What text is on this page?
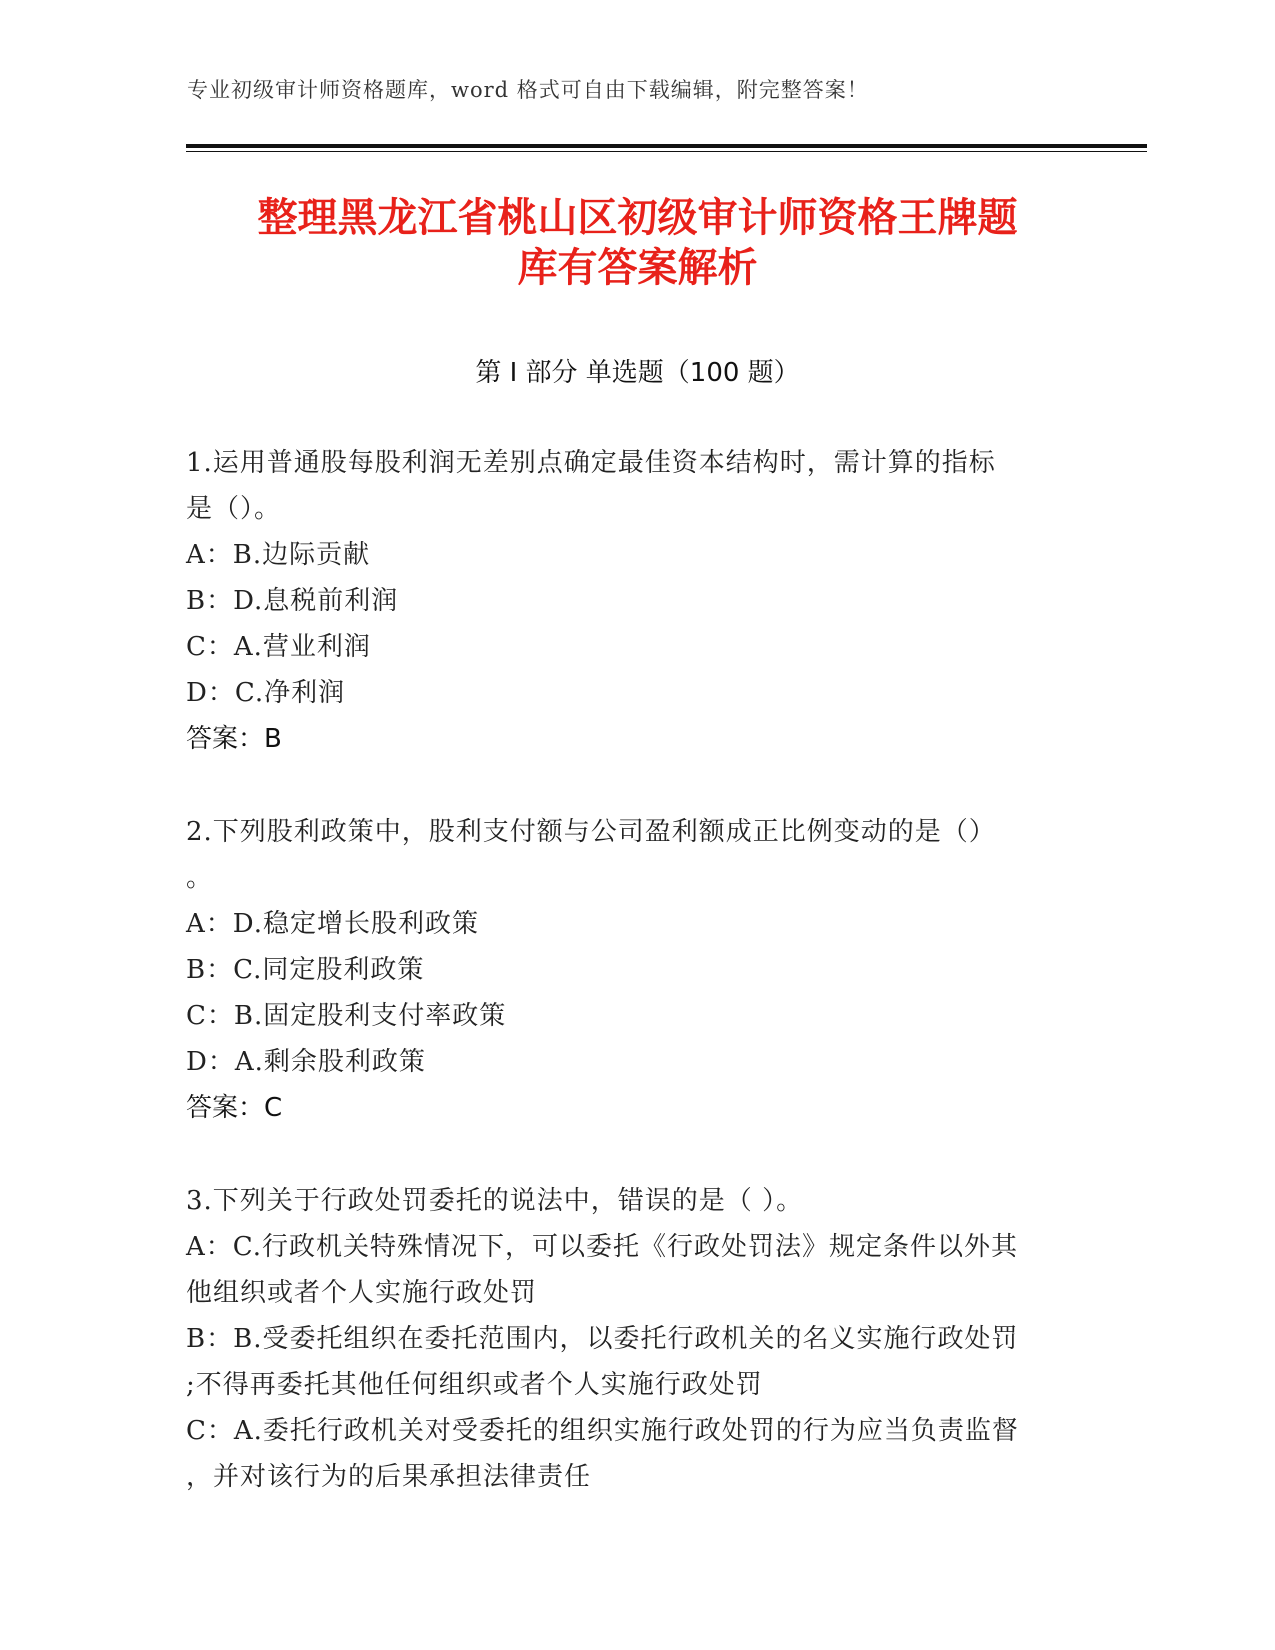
专业初级审计师资格题库，word 格式可自由下载编辑，附完整答案！
整理黑龙江省桃山区初级审计师资格王牌题
库有答案解析
第 I 部分 单选题（100 题）
1.运用普通股每股利润无差别点确定最佳资本结构时，需计算的指标
是（）。
A：B.边际贡献
B：D.息税前利润
C：A.营业利润
D：C.净利润
答案：B
2.下列股利政策中，股利支付额与公司盈利额成正比例变动的是（）
。
A：D.稳定增长股利政策
B：C.同定股利政策
C：B.固定股利支付率政策
D：A.剩余股利政策
答案：C
3.下列关于行政处罚委托的说法中，错误的是（ ）。
A：C.行政机关特殊情况下，可以委托《行政处罚法》规定条件以外其
他组织或者个人实施行政处罚
B：B.受委托组织在委托范围内，以委托行政机关的名义实施行政处罚
;不得再委托其他任何组织或者个人实施行政处罚
C：A.委托行政机关对受委托的组织实施行政处罚的行为应当负责监督
，并对该行为的后果承担法律责任
